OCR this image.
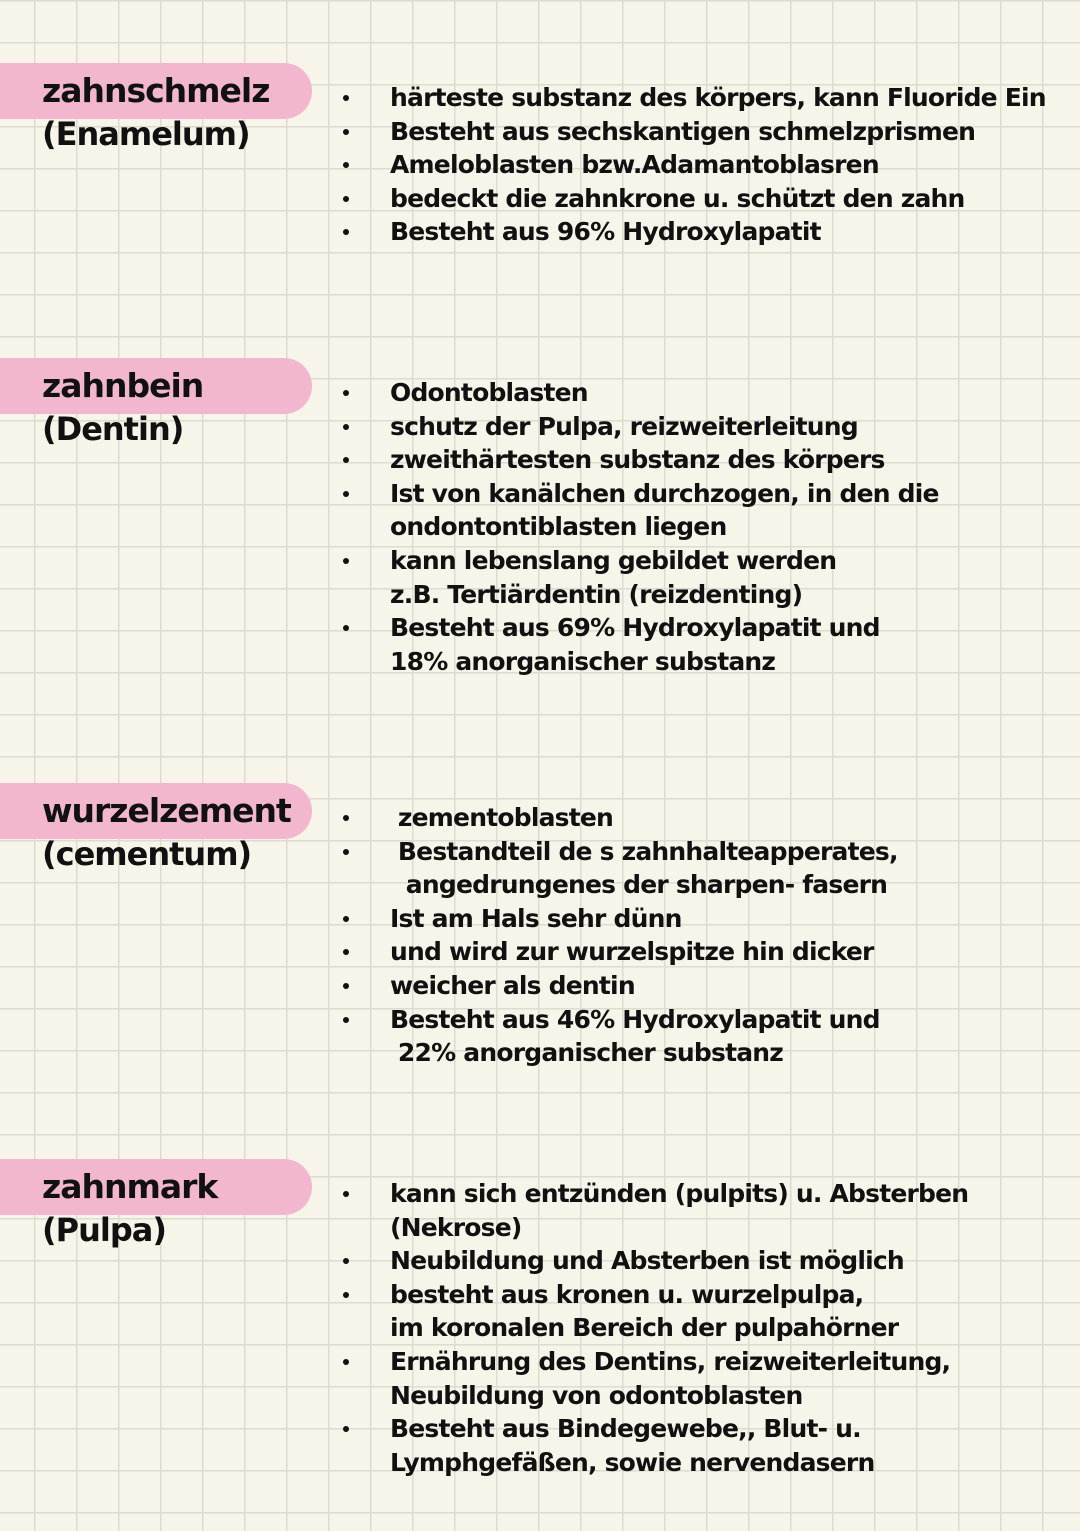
zahnschmelz
(Enamelum)
härteste substanz des körpers, kann Fluoride Ein
Besteht aus sechskantigen schmelzprismen
Ameloblasten bzw.Adamantoblasren
bedeckt die zahnkrone u. schützt den zahn
Besteht aus 96% Hydroxylapatit
zahnbein
(Dentin)
Odontoblasten
schutz der Pulpa, reizweiterleitung
zweithärtesten substanz des körpers
Ist von kanälchen durchzogen, in den die
ondontontiblasten liegen
kann lebenslang gebildet werden
z.B. Tertiärdentin (reizdenting)
Besteht aus 69% Hydroxylapatit und
18% anorganischer substanz
wurzelzement
(cementum)
zementoblasten
Bestandteil de s zahnhalteapperates,
angedrungenes der sharpen- fasern
Ist am Hals sehr dünn
und wird zur wurzelspitze hin dicker
weicher als dentin
Besteht aus 46% Hydroxylapatit und
22% anorganischer substanz
zahnmark
(Pulpa)
kann sich entzünden (pulpits) u. Absterben
(Nekrose)
Neubildung und Absterben ist möglich
besteht aus kronen u. wurzelpulpa,
im koronalen Bereich der pulpahörner
Ernährung des Dentins, reizweiterleitung,
Neubildung von odontoblasten
Besteht aus Bindegewebe,, Blut- u.
Lymphgefäßen, sowie nervendasern
